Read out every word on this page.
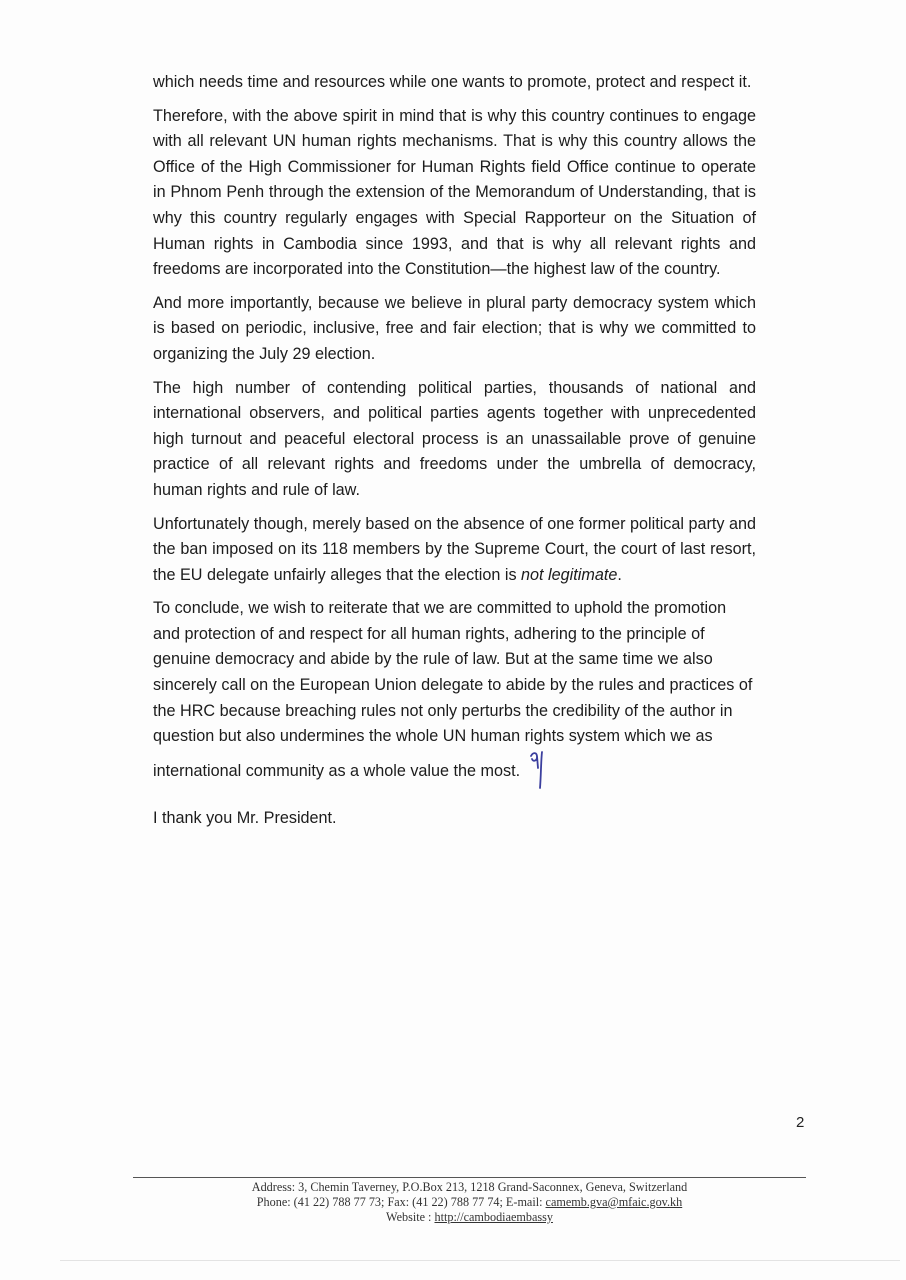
which needs time and resources while one wants to promote, protect and respect it.

Therefore, with the above spirit in mind that is why this country continues to engage with all relevant UN human rights mechanisms. That is why this country allows the Office of the High Commissioner for Human Rights field Office continue to operate in Phnom Penh through the extension of the Memorandum of Understanding, that is why this country regularly engages with Special Rapporteur on the Situation of Human rights in Cambodia since 1993, and that is why all relevant rights and freedoms are incorporated into the Constitution—the highest law of the country.

And more importantly, because we believe in plural party democracy system which is based on periodic, inclusive, free and fair election; that is why we committed to organizing the July 29 election.

The high number of contending political parties, thousands of national and international observers, and political parties agents together with unprecedented high turnout and peaceful electoral process is an unassailable prove of genuine practice of all relevant rights and freedoms under the umbrella of democracy, human rights and rule of law.

Unfortunately though, merely based on the absence of one former political party and the ban imposed on its 118 members by the Supreme Court, the court of last resort, the EU delegate unfairly alleges that the election is not legitimate.

To conclude, we wish to reiterate that we are committed to uphold the promotion and protection of and respect for all human rights, adhering to the principle of genuine democracy and abide by the rule of law. But at the same time we also sincerely call on the European Union delegate to abide by the rules and practices of the HRC because breaching rules not only perturbs the credibility of the author in question but also undermines the whole UN human rights system which we as international community as a whole value the most.

I thank you Mr. President.

2
Address: 3, Chemin Taverney, P.O.Box 213, 1218 Grand-Saconnex, Geneva, Switzerland
Phone: (41 22) 788 77 73; Fax: (41 22) 788 77 74; E-mail: camemb.gva@mfaic.gov.kh
Website : http://cambodiaembassy
